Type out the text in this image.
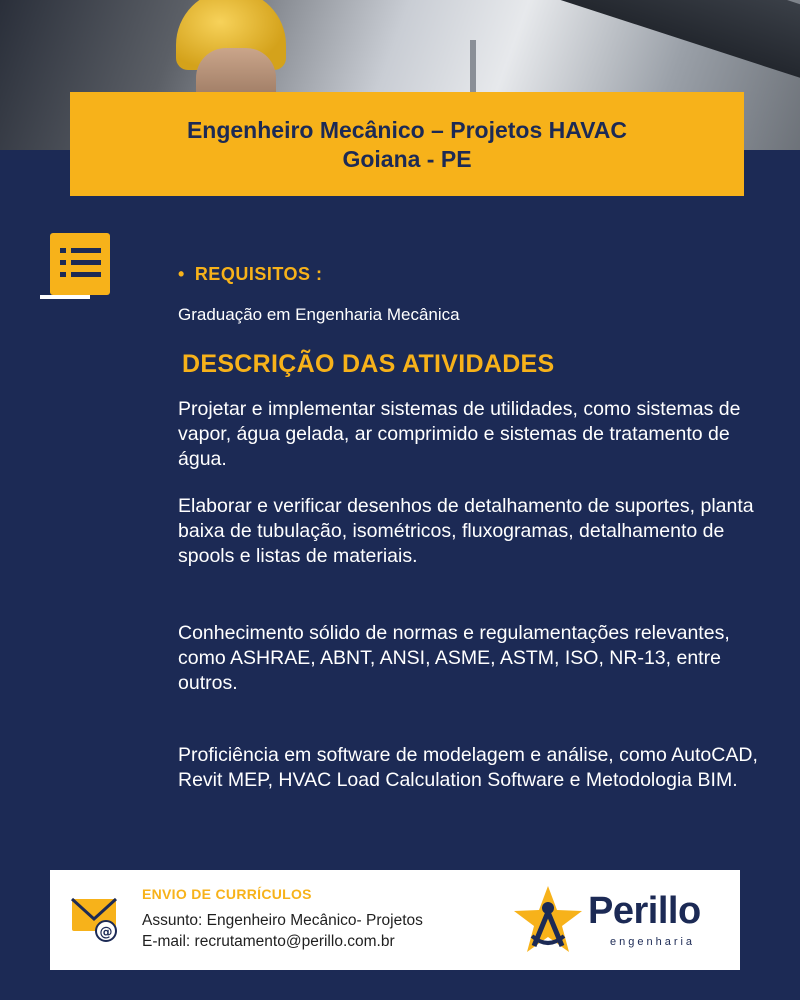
Engenheiro Mecânico – Projetos HAVAC
Goiana - PE
• REQUISITOS :
Graduação em Engenharia Mecânica
DESCRIÇÃO DAS ATIVIDADES
Projetar e implementar sistemas de utilidades, como sistemas de vapor, água gelada, ar comprimido e sistemas de tratamento de água.
Elaborar e verificar desenhos de detalhamento de suportes, planta baixa de tubulação, isométricos, fluxogramas, detalhamento de spools e listas de materiais.
Conhecimento sólido de normas e regulamentações relevantes, como ASHRAE, ABNT, ANSI, ASME, ASTM, ISO, NR-13, entre outros.
Proficiência em software de modelagem e análise, como AutoCAD, Revit MEP, HVAC Load Calculation Software e Metodologia BIM.
@
ENVIO DE CURRÍCULOS
Assunto: Engenheiro Mecânico- Projetos
E-mail: recrutamento@perillo.com.br
Perillo
engenharia
